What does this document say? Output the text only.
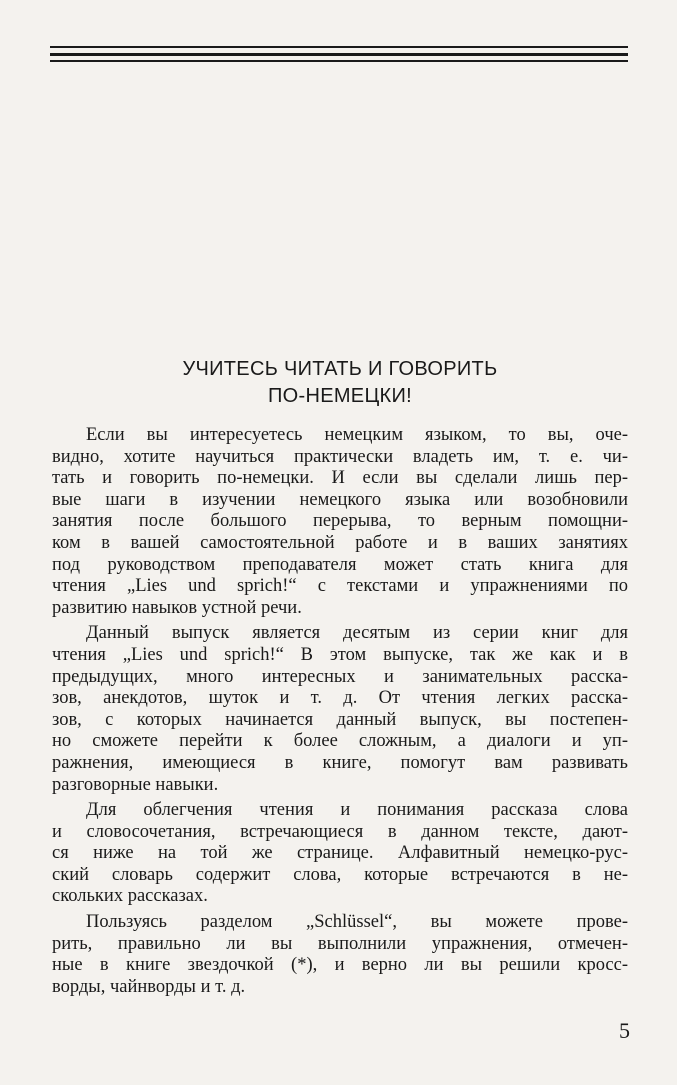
УЧИТЕСЬ ЧИТАТЬ И ГОВОРИТЬ
ПО-НЕМЕЦКИ!
Если вы интересуетесь немецким языком, то вы, оче-
видно, хотите научиться практически владеть им, т. е. чи-
тать и говорить по-немецки. И если вы сделали лишь пер-
вые шаги в изучении немецкого языка или возобновили
занятия после большого перерыва, то верным помощни-
ком в вашей самостоятельной работе и в ваших занятиях
под руководством преподавателя может стать книга для
чтения „Lies und sprich!“ с текстами и упражнениями по
развитию навыков устной речи.
Данный выпуск является десятым из серии книг для
чтения „Lies und sprich!“ В этом выпуске, так же как и в
предыдущих, много интересных и занимательных расска-
зов, анекдотов, шуток и т. д. От чтения легких расска-
зов, с которых начинается данный выпуск, вы постепен-
но сможете перейти к более сложным, а диалоги и уп-
ражнения, имеющиеся в книге, помогут вам развивать
разговорные навыки.
Для облегчения чтения и понимания рассказа слова
и словосочетания, встречающиеся в данном тексте, дают-
ся ниже на той же странице. Алфавитный немецко-рус-
ский словарь содержит слова, которые встречаются в не-
скольких рассказах.
Пользуясь разделом „Schlüssel“, вы можете прове-
рить, правильно ли вы выполнили упражнения, отмечен-
ные в книге звездочкой (*), и верно ли вы решили кросс-
ворды, чайнворды и т. д.
5
